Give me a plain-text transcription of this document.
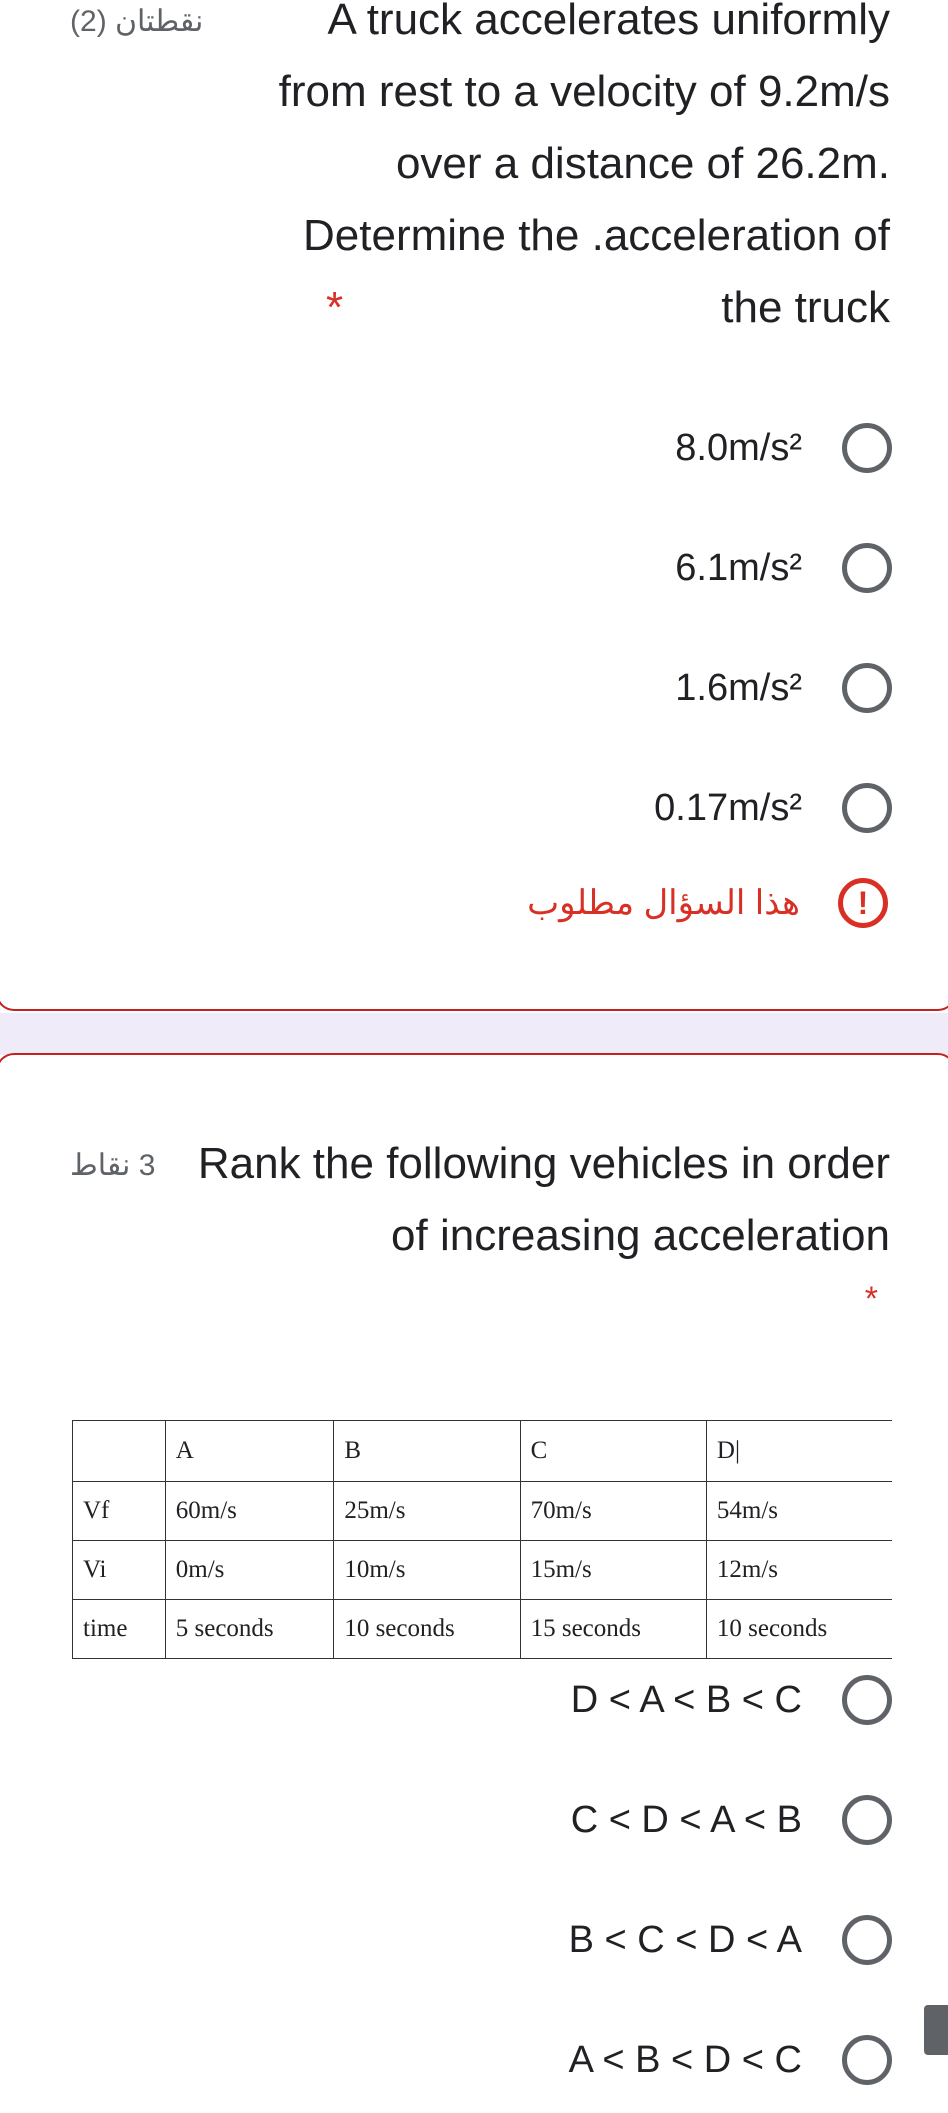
نقطتان (2)
*
A truck accelerates uniformly from rest to a velocity of 9.2m/s over a distance of 26.2m. Determine the .acceleration of the truck
8.0m/s²
6.1m/s²
1.6m/s²
0.17m/s²
هذا السؤال مطلوب	!
3 نقاط Rank the following vehicles in order of increasing acceleration
*
	A	B	C	D|
Vf	60m/s	25m/s	70m/s	54m/s
Vi	0m/s	10m/s	15m/s	12m/s
time	5 seconds	10 seconds	15 seconds	10 seconds
D < A < B < C
C < D < A < B
B < C < D < A
A < B < D < C
